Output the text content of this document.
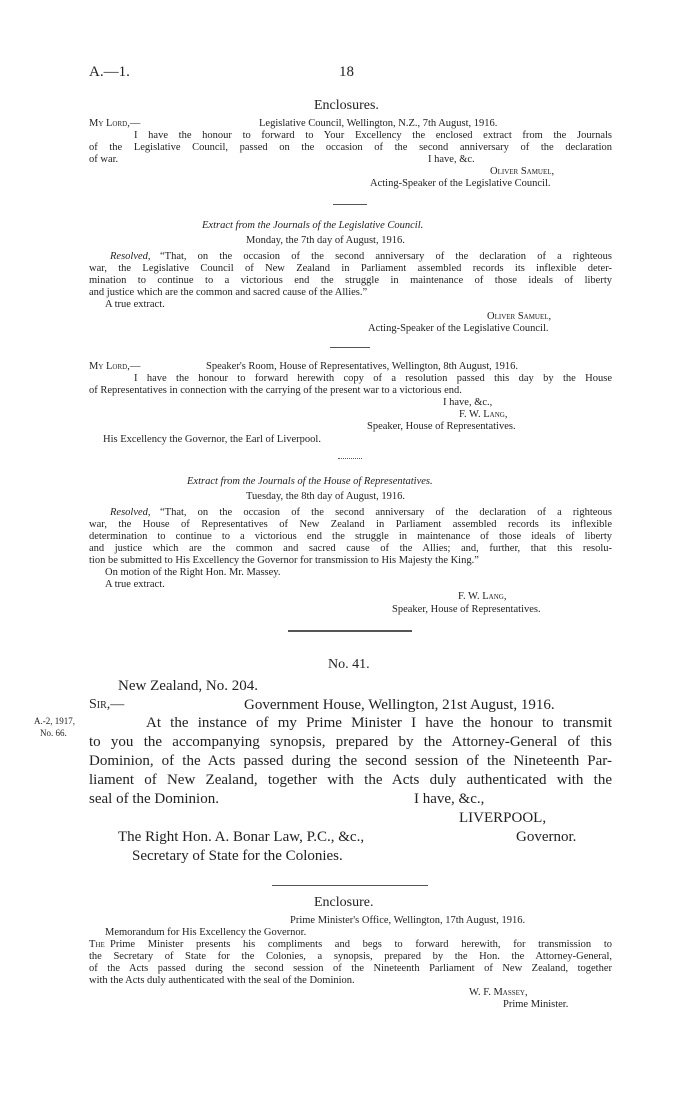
A.—1.	18
Enclosures.
My Lord,—	Legislative Council, Wellington, N.Z., 7th August, 1916.
I have the honour to forward to Your Excellency the enclosed extract from the Journals
of the Legislative Council, passed on the occasion of the second anniversary of the declaration
of war.	I have, &c.
Oliver Samuel,
Acting-Speaker of the Legislative Council.
Extract from the Journals of the Legislative Council.
Monday, the 7th day of August, 1916.
Resolved, “That, on the occasion of the second anniversary of the declaration of a righteous
war, the Legislative Council of New Zealand in Parliament assembled records its inflexible deter-
mination to continue to a victorious end the struggle in maintenance of those ideals of liberty
and justice which are the common and sacred cause of the Allies.”
A true extract.
Oliver Samuel,
Acting-Speaker of the Legislative Council.
My Lord,—	Speaker's Room, House of Representatives, Wellington, 8th August, 1916.
I have the honour to forward herewith copy of a resolution passed this day by the House
of Representatives in connection with the carrying of the present war to a victorious end.
I have, &c.,
F. W. Lang,
Speaker, House of Representatives.
His Excellency the Governor, the Earl of Liverpool.
Extract from the Journals of the House of Representatives.
Tuesday, the 8th day of August, 1916.
Resolved, “That, on the occasion of the second anniversary of the declaration of a righteous
war, the House of Representatives of New Zealand in Parliament assembled records its inflexible
determination to continue to a victorious end the struggle in maintenance of those ideals of liberty
and justice which are the common and sacred cause of the Allies; and, further, that this resolu-
tion be submitted to His Excellency the Governor for transmission to His Majesty the King.”
On motion of the Right Hon. Mr. Massey.
A true extract.
F. W. Lang,
Speaker, House of Representatives.
No. 41.
New Zealand, No. 204.
Sir,—	Government House, Wellington, 21st August, 1916.
A.-2, 1917,
No. 66.
At the instance of my Prime Minister I have the honour to transmit
to you the accompanying synopsis, prepared by the Attorney-General of this
Dominion, of the Acts passed during the second session of the Nineteenth Par-
liament of New Zealand, together with the Acts duly authenticated with the
seal of the Dominion.	I have, &c.,
LIVERPOOL,
Governor.
The Right Hon. A. Bonar Law, P.C., &c.,
Secretary of State for the Colonies.
Enclosure.
Prime Minister's Office, Wellington, 17th August, 1916.
Memorandum for His Excellency the Governor.
The Prime Minister presents his compliments and begs to forward herewith, for transmission to
the Secretary of State for the Colonies, a synopsis, prepared by the Hon. the Attorney-General,
of the Acts passed during the second session of the Nineteenth Parliament of New Zealand, together
with the Acts duly authenticated with the seal of the Dominion.
W. F. Massey,
Prime Minister.
